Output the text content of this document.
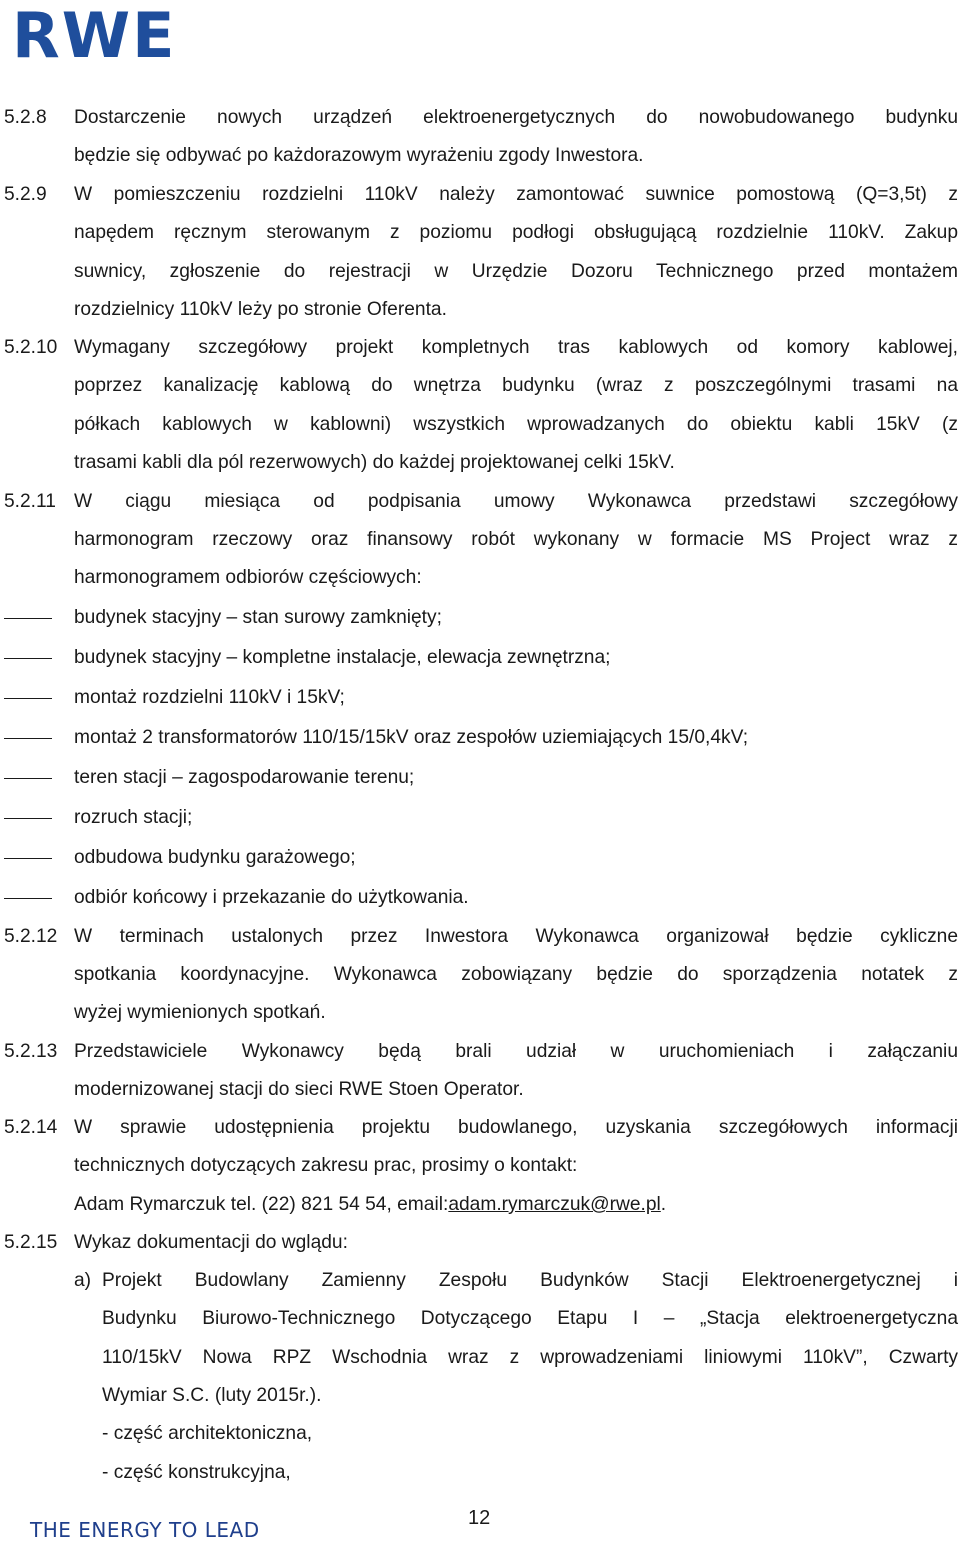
RWE
5.2.8 Dostarczenie nowych urządzeń elektroenergetycznych do nowobudowanego budynku
będzie się odbywać po każdorazowym wyrażeniu zgody Inwestora.
5.2.9 W pomieszczeniu rozdzielni 110kV należy zamontować suwnice pomostową (Q=3,5t) z
napędem ręcznym sterowanym z poziomu podłogi obsługującą rozdzielnie 110kV. Zakup
suwnicy, zgłoszenie do rejestracji w Urzędzie Dozoru Technicznego przed montażem
rozdzielnicy 110kV leży po stronie Oferenta.
5.2.10 Wymagany szczegółowy projekt kompletnych tras kablowych od komory kablowej,
poprzez kanalizację kablową do wnętrza budynku (wraz z poszczególnymi trasami na
półkach kablowych w kablowni) wszystkich wprowadzanych do obiektu kabli 15kV (z
trasami kabli dla pól rezerwowych) do każdej projektowanej celki 15kV.
5.2.11 W ciągu miesiąca od podpisania umowy Wykonawca przedstawi szczegółowy
harmonogram rzeczowy oraz finansowy robót wykonany w formacie MS Project wraz z
harmonogramem odbiorów częściowych:
budynek stacyjny – stan surowy zamknięty;
budynek stacyjny – kompletne instalacje, elewacja zewnętrzna;
montaż rozdzielni 110kV i 15kV;
montaż 2 transformatorów 110/15/15kV oraz zespołów uziemiających 15/0,4kV;
teren stacji – zagospodarowanie terenu;
rozruch stacji;
odbudowa budynku garażowego;
odbiór końcowy i przekazanie do użytkowania.
5.2.12 W terminach ustalonych przez Inwestora Wykonawca organizował będzie cykliczne
spotkania koordynacyjne. Wykonawca zobowiązany będzie do sporządzenia notatek z
wyżej wymienionych spotkań.
5.2.13 Przedstawiciele Wykonawcy będą brali udział w uruchomieniach i załączaniu
modernizowanej stacji do sieci RWE Stoen Operator.
5.2.14 W sprawie udostępnienia projektu budowlanego, uzyskania szczegółowych informacji
technicznych dotyczących zakresu prac, prosimy o kontakt:
Adam Rymarczuk tel. (22) 821 54 54, email:adam.rymarczuk@rwe.pl.
5.2.15 Wykaz dokumentacji do wglądu:
a) Projekt Budowlany Zamienny Zespołu Budynków Stacji Elektroenergetycznej i
Budynku Biurowo-Technicznego Dotyczącego Etapu I – „Stacja elektroenergetyczna
110/15kV Nowa RPZ Wschodnia wraz z wprowadzeniami liniowymi 110kV”, Czwarty
Wymiar S.C. (luty 2015r.).
- część architektoniczna,
- część konstrukcyjna,
THE ENERGY TO LEAD	12
